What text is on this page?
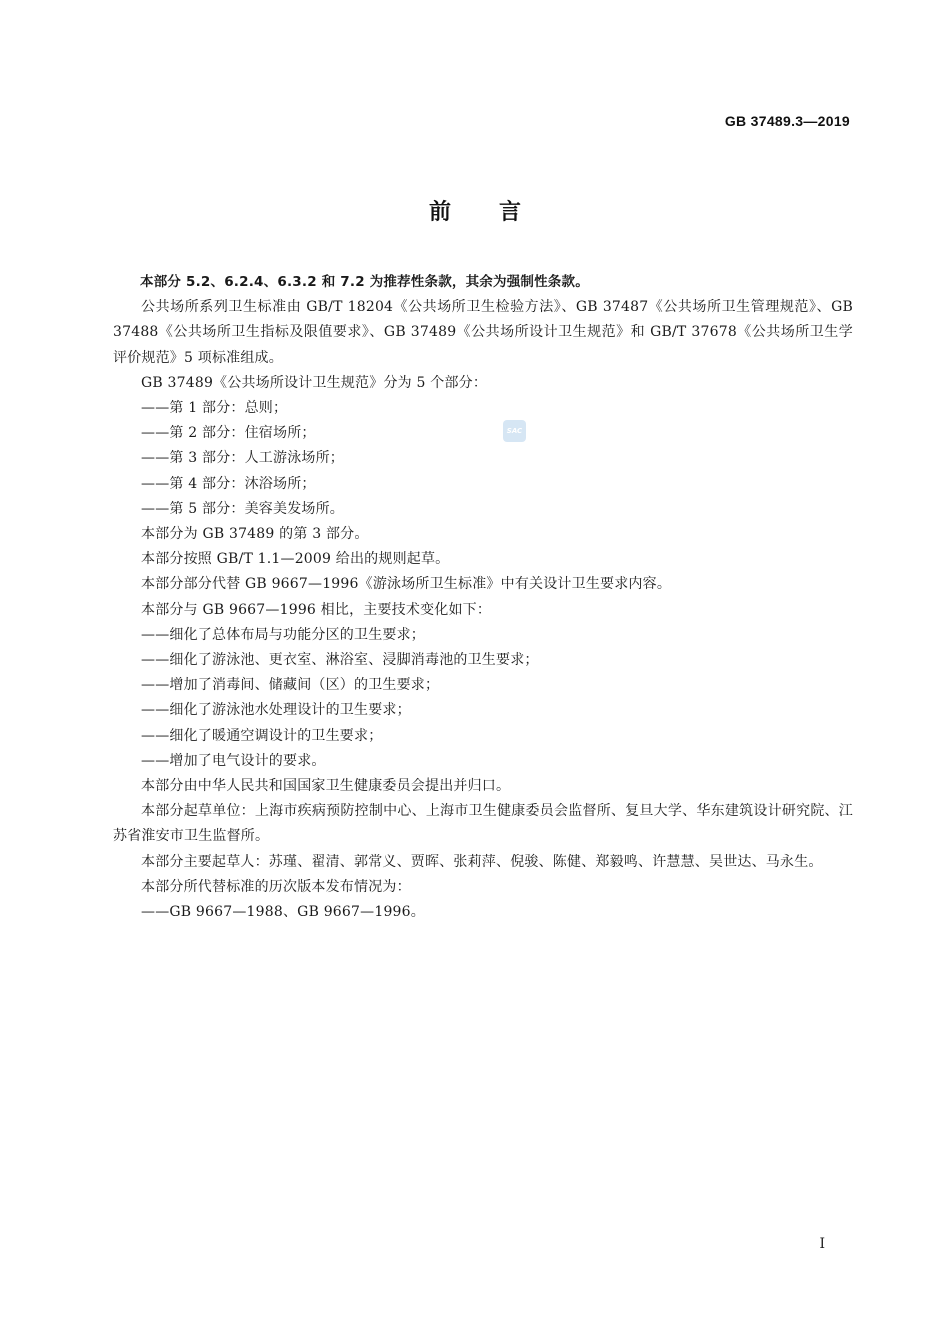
GB 37489.3—2019
前言
SAC

本部分 5.2、6.2.4、6.3.2 和 7.2 为推荐性条款，其余为强制性条款。

公共场所系列卫生标准由 GB/T 18204《公共场所卫生检验方法》、GB 37487《公共场所卫生管理规范》、GB 37488《公共场所卫生指标及限值要求》、GB 37489《公共场所设计卫生规范》和 GB/T 37678《公共场所卫生学评价规范》5 项标准组成。

GB 37489《公共场所设计卫生规范》分为 5 个部分：

——第 1 部分：总则；

——第 2 部分：住宿场所；

——第 3 部分：人工游泳场所；

——第 4 部分：沐浴场所；

——第 5 部分：美容美发场所。

本部分为 GB 37489 的第 3 部分。

本部分按照 GB/T 1.1—2009 给出的规则起草。

本部分部分代替 GB 9667—1996《游泳场所卫生标准》中有关设计卫生要求内容。

本部分与 GB 9667—1996 相比，主要技术变化如下：

——细化了总体布局与功能分区的卫生要求；

——细化了游泳池、更衣室、淋浴室、浸脚消毒池的卫生要求；

——增加了消毒间、储藏间（区）的卫生要求；

——细化了游泳池水处理设计的卫生要求；

——细化了暖通空调设计的卫生要求；

——增加了电气设计的要求。

本部分由中华人民共和国国家卫生健康委员会提出并归口。

本部分起草单位：上海市疾病预防控制中心、上海市卫生健康委员会监督所、复旦大学、华东建筑设计研究院、江苏省淮安市卫生监督所。

本部分主要起草人：苏瑾、翟清、郭常义、贾晖、张莉萍、倪骏、陈健、郑毅鸣、许慧慧、吴世达、马永生。

本部分所代替标准的历次版本发布情况为：

——GB 9667—1988、GB 9667—1996。

I
